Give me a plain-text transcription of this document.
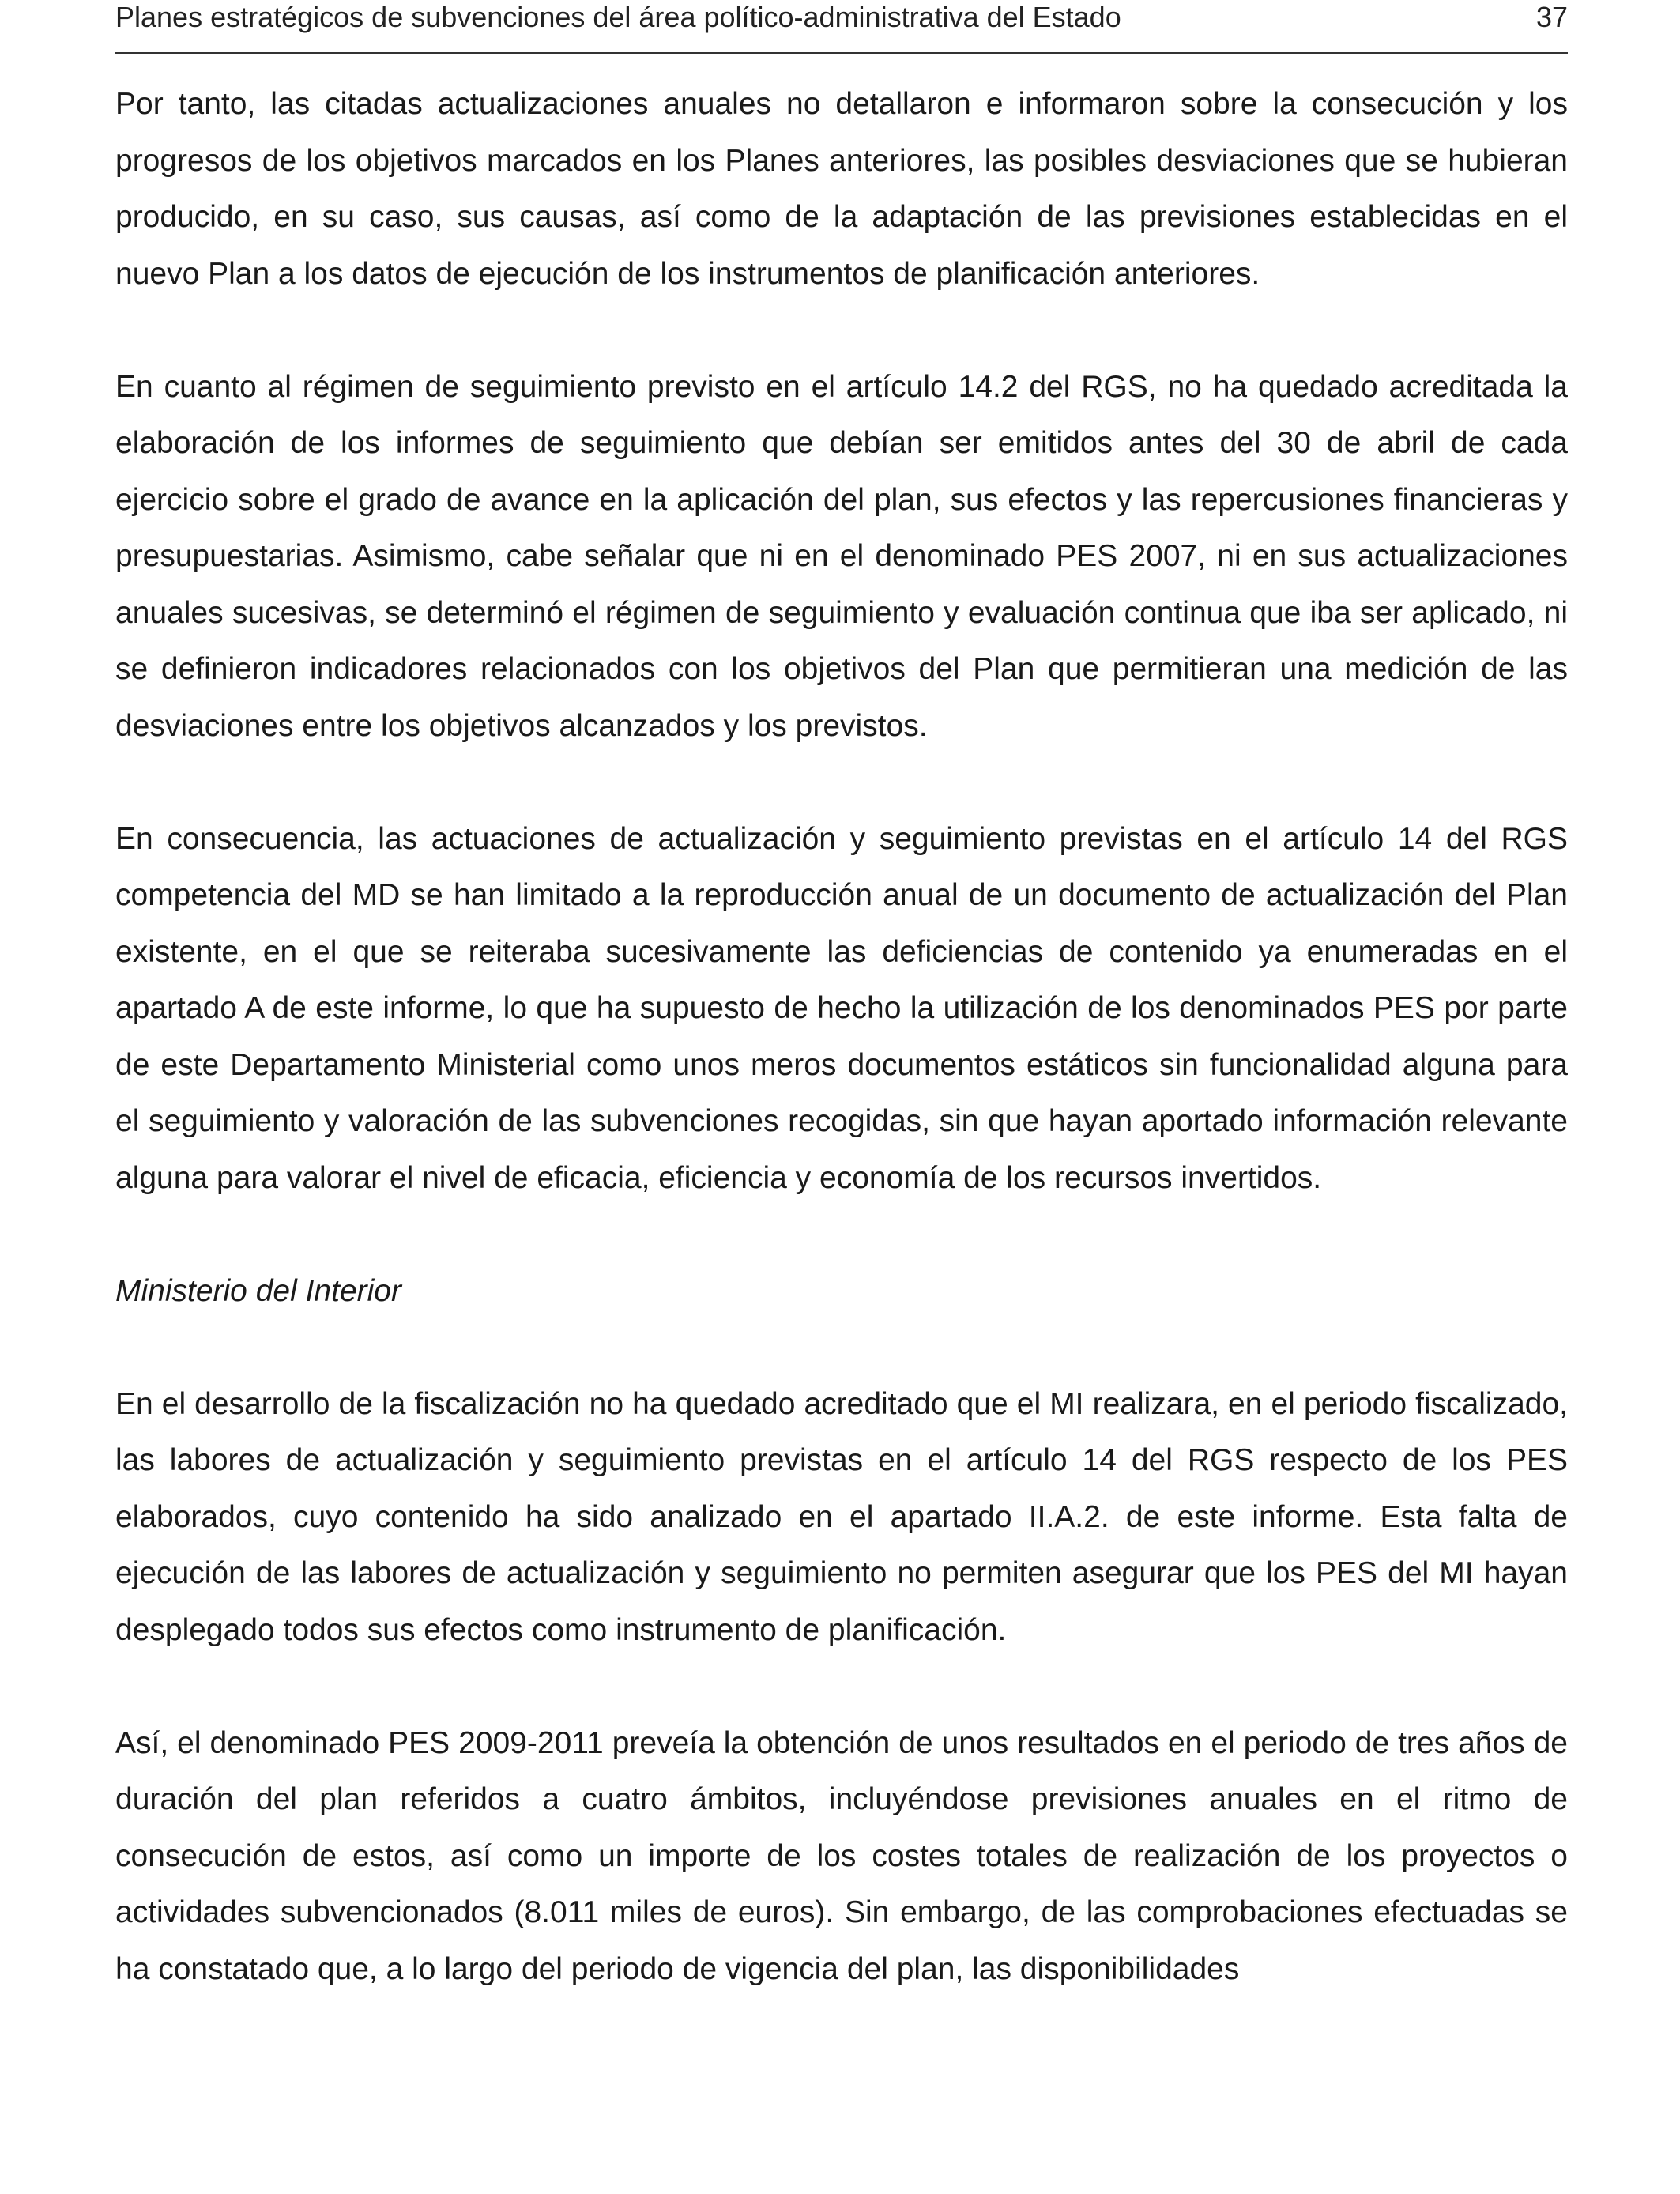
Planes estratégicos de subvenciones del área político-administrativa del Estado	37

Por tanto, las citadas actualizaciones anuales no detallaron e informaron sobre la consecución y los progresos de los objetivos marcados en los Planes anteriores, las posibles desviaciones que se hubieran producido, en su caso, sus causas, así como de la adaptación de las previsiones establecidas en el nuevo Plan a los datos de ejecución de los instrumentos de planificación anteriores.

En cuanto al régimen de seguimiento previsto en el artículo 14.2 del RGS, no ha quedado acreditada la elaboración de los informes de seguimiento que debían ser emitidos antes del 30 de abril de cada ejercicio sobre el grado de avance en la aplicación del plan, sus efectos y las repercusiones financieras y presupuestarias. Asimismo, cabe señalar que ni en el denominado PES 2007, ni en sus actualizaciones anuales sucesivas, se determinó el régimen de seguimiento y evaluación continua que iba ser aplicado, ni se definieron indicadores relacionados con los objetivos del Plan que permitieran una medición de las desviaciones entre los objetivos alcanzados y los previstos.

En consecuencia, las actuaciones de actualización y seguimiento previstas en el artículo 14 del RGS competencia del MD se han limitado a la reproducción anual de un documento de actualización del Plan existente, en el que se reiteraba sucesivamente las deficiencias de contenido ya enumeradas en el apartado A de este informe, lo que ha supuesto de hecho la utilización de los denominados PES por parte de este Departamento Ministerial como unos meros documentos estáticos sin funcionalidad alguna para el seguimiento y valoración de las subvenciones recogidas, sin que hayan aportado información relevante alguna para valorar el nivel de eficacia, eficiencia y economía de los recursos invertidos.

Ministerio del Interior

En el desarrollo de la fiscalización no ha quedado acreditado que el MI realizara, en el periodo fiscalizado, las labores de actualización y seguimiento previstas en el artículo 14 del RGS respecto de los PES elaborados, cuyo contenido ha sido analizado en el apartado II.A.2. de este informe. Esta falta de ejecución de las labores de actualización y seguimiento no permiten asegurar que los PES del MI hayan desplegado todos sus efectos como instrumento de planificación.

Así, el denominado PES 2009-2011 preveía la obtención de unos resultados en el periodo de tres años de duración del plan referidos a cuatro ámbitos, incluyéndose previsiones anuales en el ritmo de consecución de estos, así como un importe de los costes totales de realización de los proyectos o actividades subvencionados (8.011 miles de euros). Sin embargo, de las comprobaciones efectuadas se ha constatado que, a lo largo del periodo de vigencia del plan, las disponibilidades
